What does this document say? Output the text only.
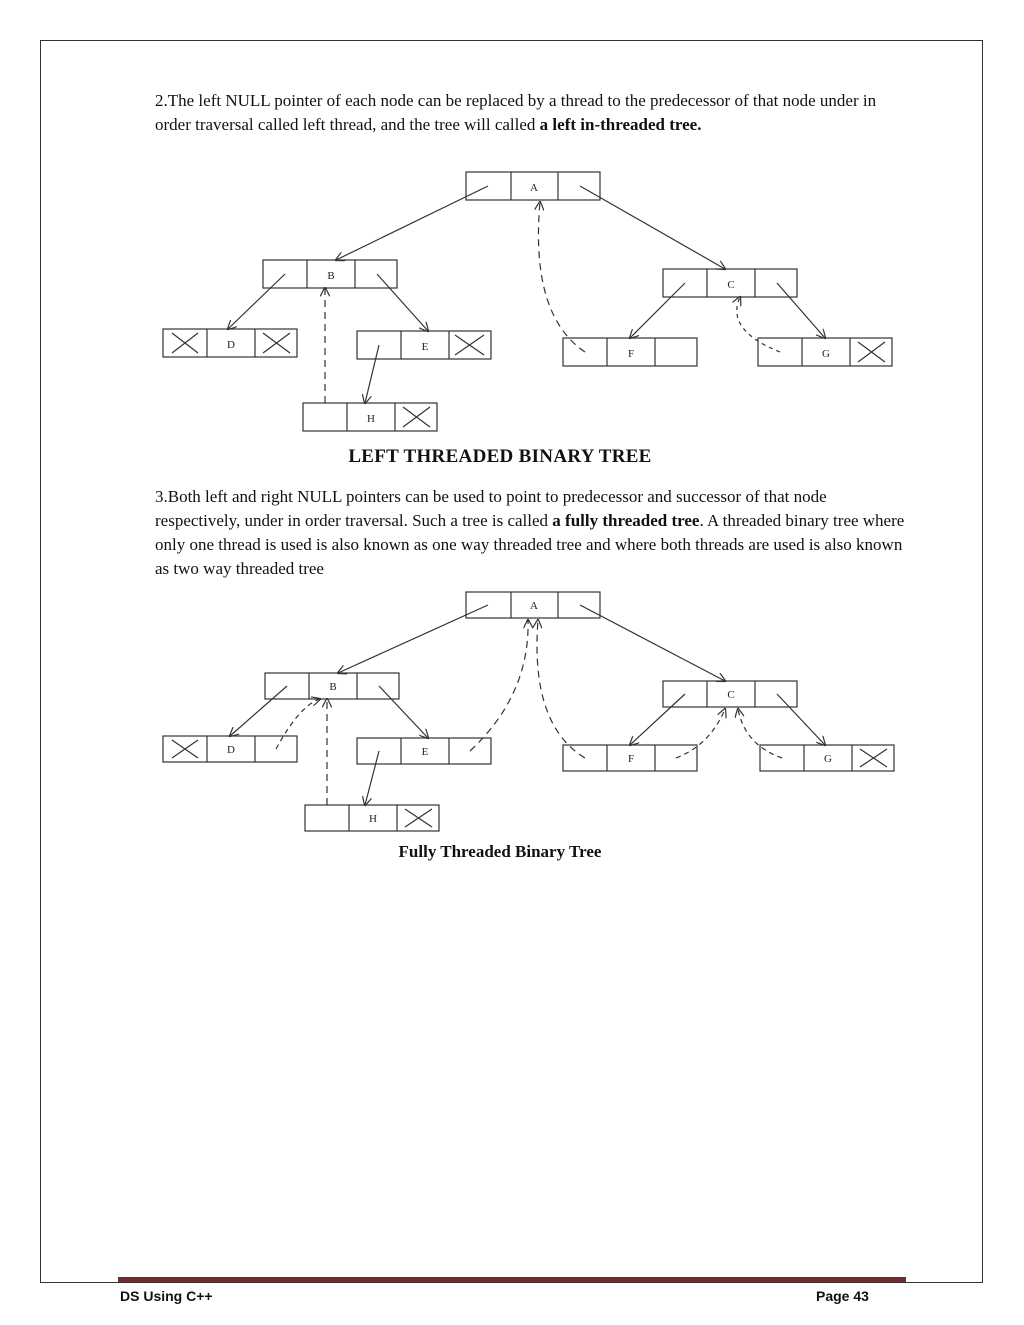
2.The left NULL pointer of each node can be replaced by a thread to the predecessor of that node under in order traversal called left thread, and the tree will called a left in-threaded tree.
A
B
C
D	E
F	G
H
LEFT THREADED BINARY TREE
3.Both left and right NULL pointers can be used to point to predecessor and successor of that node respectively, under in order traversal. Such a tree is called a fully threaded tree. A threaded binary tree where only one thread is used is also known as one way threaded tree and where both threads are used is also known as two way threaded tree
A
B
C
D	E
F	G
H
Fully Threaded Binary Tree
DS Using C++	Page 43
